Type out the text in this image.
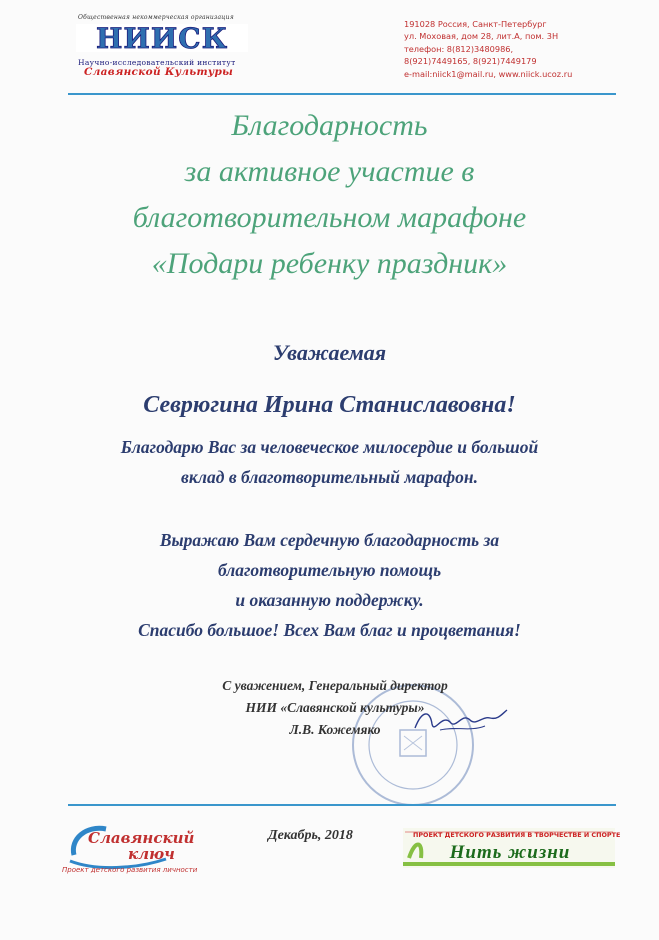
Общественная некоммерческая организация
НИИСК
Научно-исследовательский институт
Славянской Культуры
191028 Россия, Санкт-Петербург
ул. Моховая, дом 28, лит.А, пом. 3Н
телефон: 8(812)3480986,
8(921)7449165, 8(921)7449179
e-mail:niick1@mail.ru, www.niick.ucoz.ru
Благодарность
за активное участие в
благотворительном марафоне
«Подари ребенку праздник»
Уважаемая
Севрюгина Ирина Станиславовна!
Благодарю Вас за человеческое милосердие и большой
вклад в благотворительный марафон.
Выражаю Вам сердечную благодарность за
благотворительную помощь
и оказанную поддержку.
Спасибо большое! Всех Вам благ и процветания!
С уважением, Генеральный директор
НИИ «Славянской культуры»
Л.В. Кожемяко
Славянский
ключ
Проект детского развития личности
Декабрь, 2018	ПРОЕКТ ДЕТСКОГО РАЗВИТИЯ В ТВОРЧЕСТВЕ И СПОРТЕ
Нить жизни
